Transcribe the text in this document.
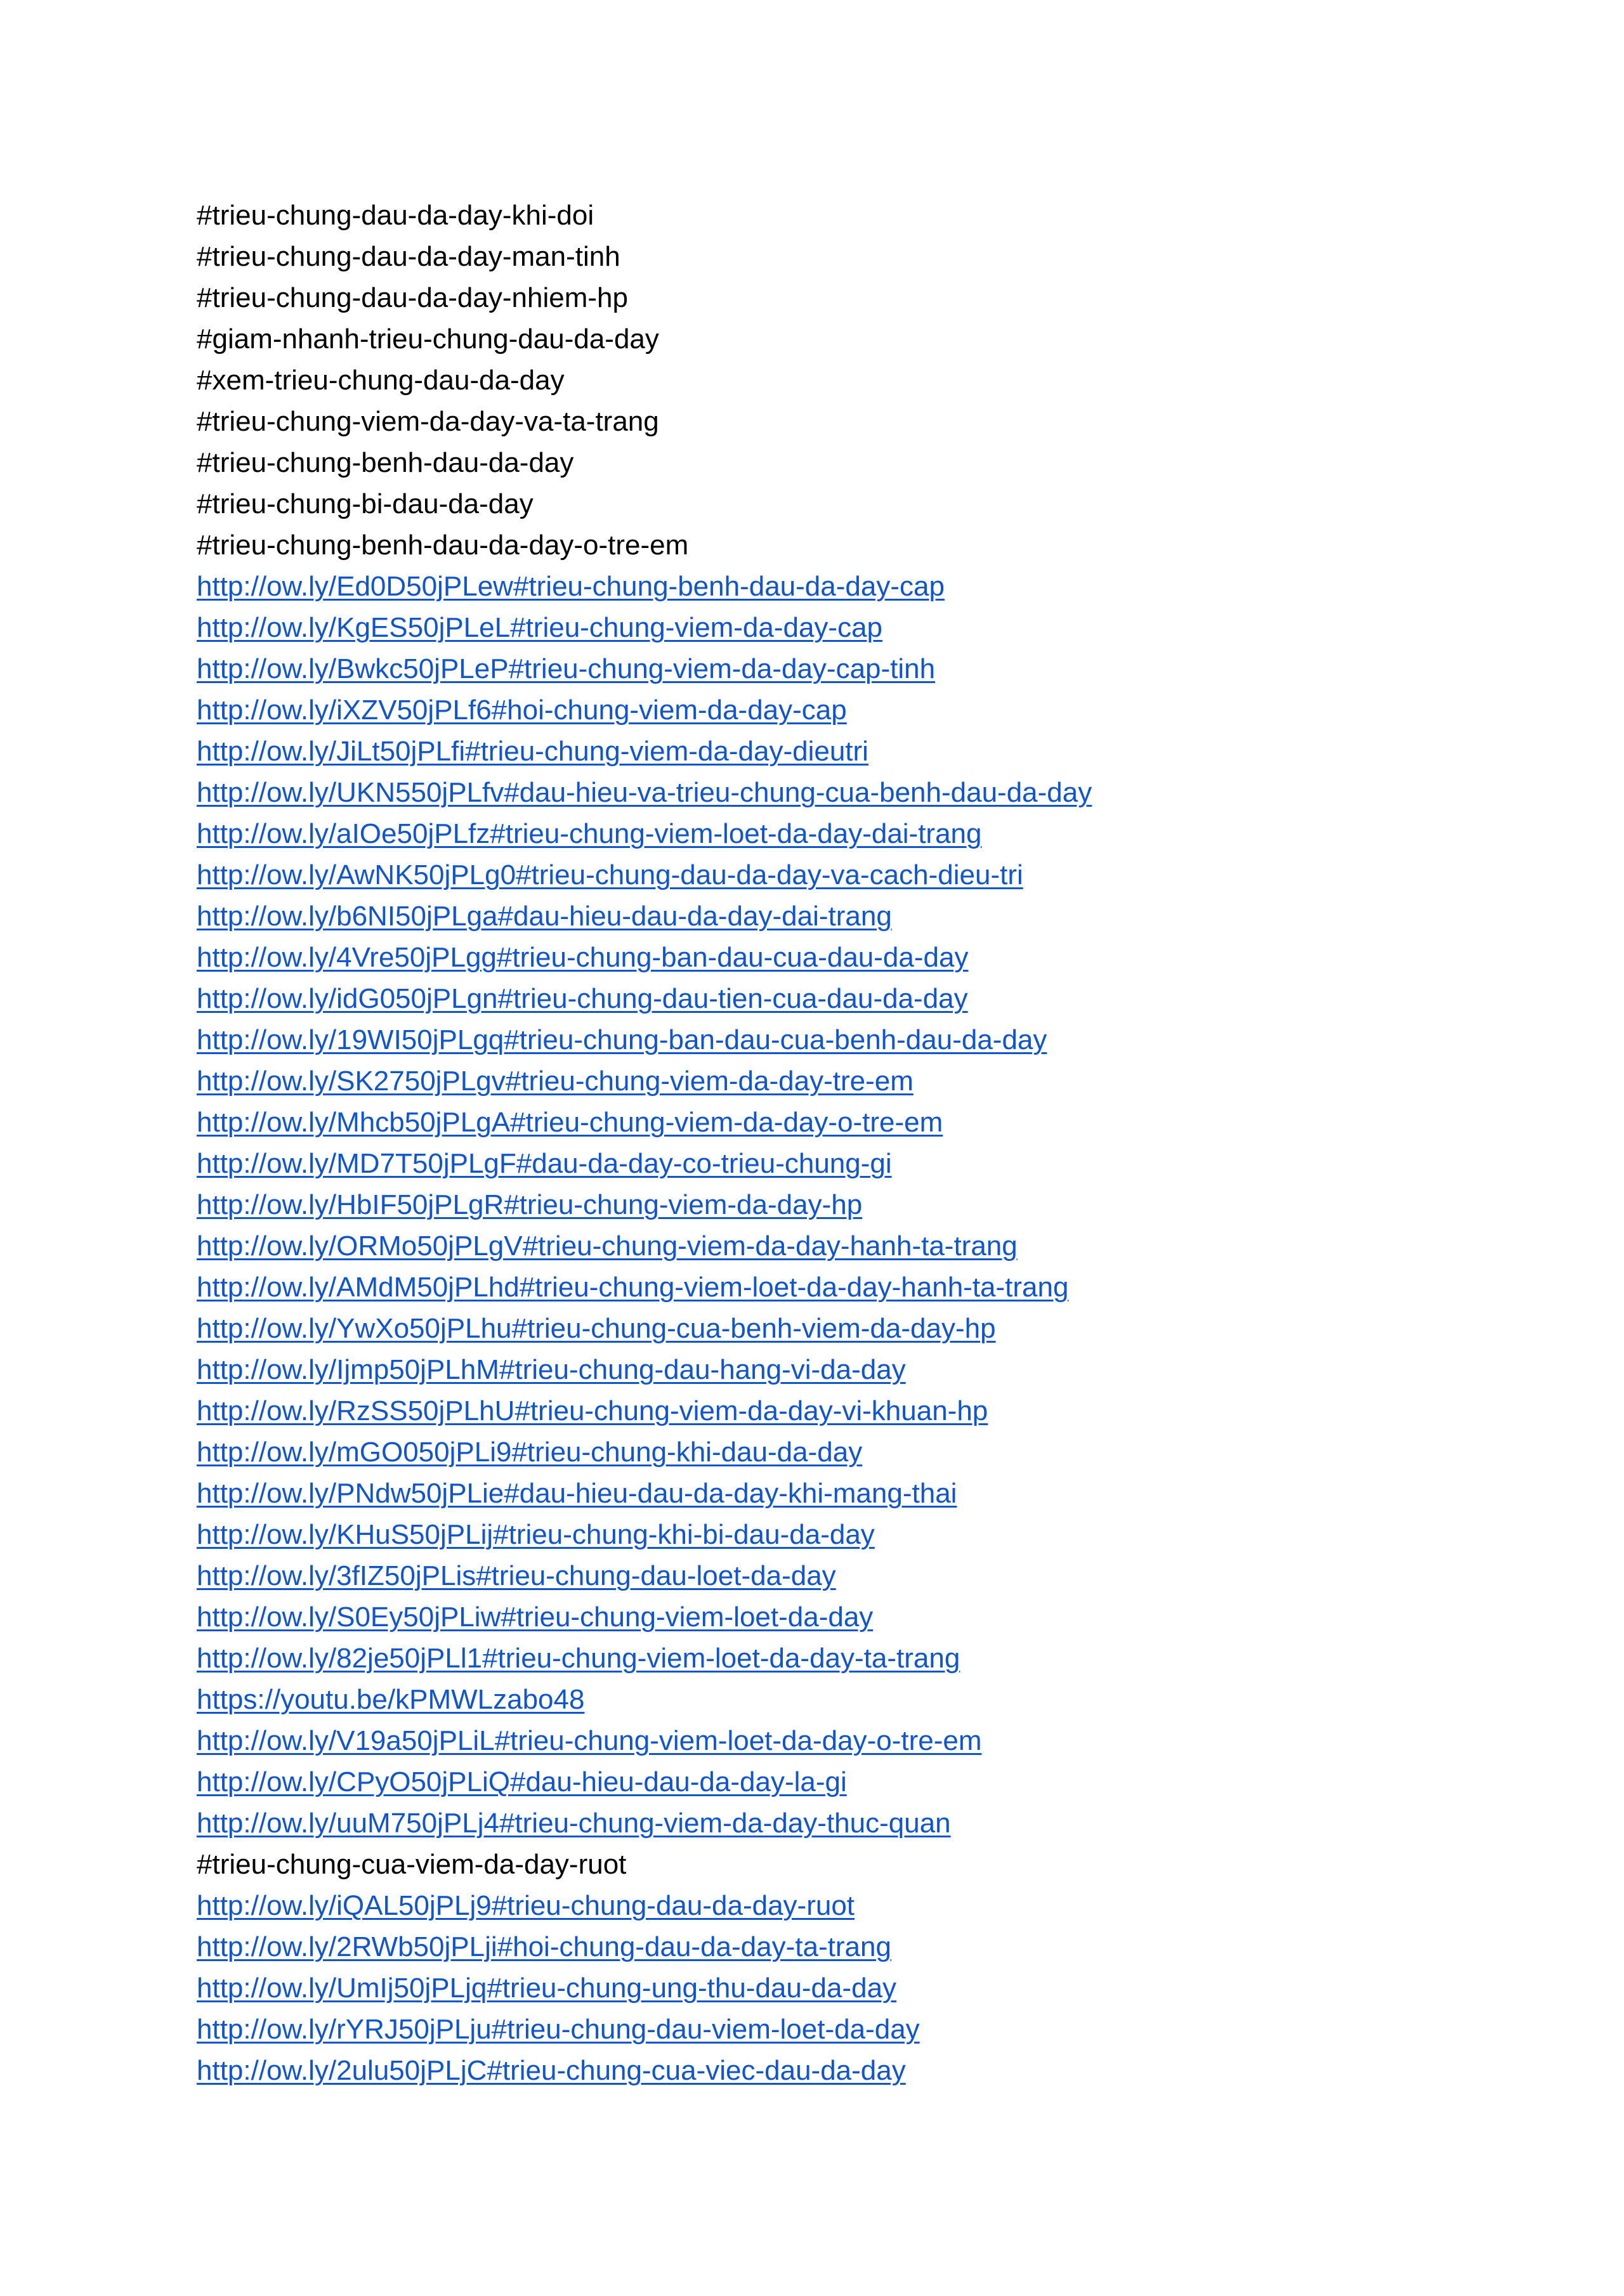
#trieu-chung-dau-da-day-khi-doi
#trieu-chung-dau-da-day-man-tinh
#trieu-chung-dau-da-day-nhiem-hp
#giam-nhanh-trieu-chung-dau-da-day
#xem-trieu-chung-dau-da-day
#trieu-chung-viem-da-day-va-ta-trang
#trieu-chung-benh-dau-da-day
#trieu-chung-bi-dau-da-day
#trieu-chung-benh-dau-da-day-o-tre-em
http://ow.ly/Ed0D50jPLew#trieu-chung-benh-dau-da-day-cap
http://ow.ly/KgES50jPLeL#trieu-chung-viem-da-day-cap
http://ow.ly/Bwkc50jPLeP#trieu-chung-viem-da-day-cap-tinh
http://ow.ly/iXZV50jPLf6#hoi-chung-viem-da-day-cap
http://ow.ly/JiLt50jPLfi#trieu-chung-viem-da-day-dieutri
http://ow.ly/UKN550jPLfv#dau-hieu-va-trieu-chung-cua-benh-dau-da-day
http://ow.ly/aIOe50jPLfz#trieu-chung-viem-loet-da-day-dai-trang
http://ow.ly/AwNK50jPLg0#trieu-chung-dau-da-day-va-cach-dieu-tri
http://ow.ly/b6NI50jPLga#dau-hieu-dau-da-day-dai-trang
http://ow.ly/4Vre50jPLgg#trieu-chung-ban-dau-cua-dau-da-day
http://ow.ly/idG050jPLgn#trieu-chung-dau-tien-cua-dau-da-day
http://ow.ly/19WI50jPLgq#trieu-chung-ban-dau-cua-benh-dau-da-day
http://ow.ly/SK2750jPLgv#trieu-chung-viem-da-day-tre-em
http://ow.ly/Mhcb50jPLgA#trieu-chung-viem-da-day-o-tre-em
http://ow.ly/MD7T50jPLgF#dau-da-day-co-trieu-chung-gi
http://ow.ly/HbIF50jPLgR#trieu-chung-viem-da-day-hp
http://ow.ly/ORMo50jPLgV#trieu-chung-viem-da-day-hanh-ta-trang
http://ow.ly/AMdM50jPLhd#trieu-chung-viem-loet-da-day-hanh-ta-trang
http://ow.ly/YwXo50jPLhu#trieu-chung-cua-benh-viem-da-day-hp
http://ow.ly/Ijmp50jPLhM#trieu-chung-dau-hang-vi-da-day
http://ow.ly/RzSS50jPLhU#trieu-chung-viem-da-day-vi-khuan-hp
http://ow.ly/mGO050jPLi9#trieu-chung-khi-dau-da-day
http://ow.ly/PNdw50jPLie#dau-hieu-dau-da-day-khi-mang-thai
http://ow.ly/KHuS50jPLij#trieu-chung-khi-bi-dau-da-day
http://ow.ly/3fIZ50jPLis#trieu-chung-dau-loet-da-day
http://ow.ly/S0Ey50jPLiw#trieu-chung-viem-loet-da-day
http://ow.ly/82je50jPLl1#trieu-chung-viem-loet-da-day-ta-trang
https://youtu.be/kPMWLzabo48
http://ow.ly/V19a50jPLiL#trieu-chung-viem-loet-da-day-o-tre-em
http://ow.ly/CPyO50jPLiQ#dau-hieu-dau-da-day-la-gi
http://ow.ly/uuM750jPLj4#trieu-chung-viem-da-day-thuc-quan
#trieu-chung-cua-viem-da-day-ruot
http://ow.ly/iQAL50jPLj9#trieu-chung-dau-da-day-ruot
http://ow.ly/2RWb50jPLji#hoi-chung-dau-da-day-ta-trang
http://ow.ly/UmIj50jPLjq#trieu-chung-ung-thu-dau-da-day
http://ow.ly/rYRJ50jPLju#trieu-chung-dau-viem-loet-da-day
http://ow.ly/2ulu50jPLjC#trieu-chung-cua-viec-dau-da-day
